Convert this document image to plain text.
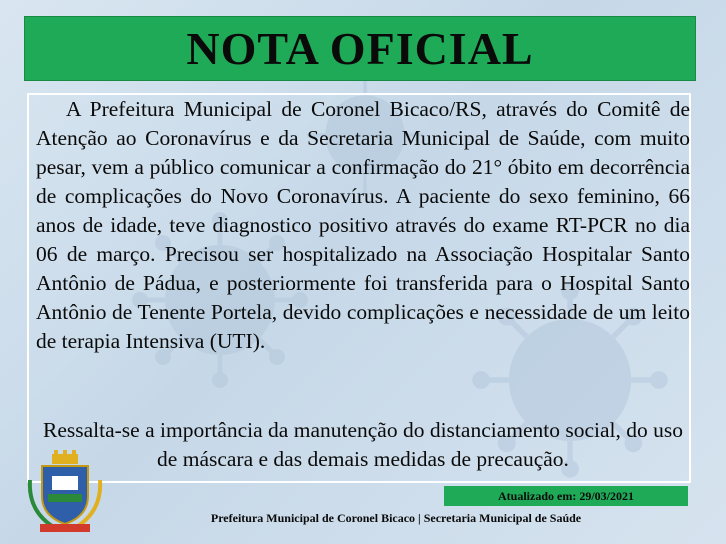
NOTA OFICIAL

A Prefeitura Municipal de Coronel Bicaco/RS, através do Comitê de Atenção ao Coronavírus e da Secretaria Municipal de Saúde, com muito pesar, vem a público comunicar a confirmação do 21° óbito em decorrência de complicações do Novo Coronavírus. A paciente do sexo feminino, 66 anos de idade, teve diagnostico positivo através do exame RT-PCR no dia 06 de março. Precisou ser hospitalizado na Associação Hospitalar Santo Antônio de Pádua, e posteriormente foi transferida para o Hospital Santo Antônio de Tenente Portela, devido complicações e necessidade de um leito de terapia Intensiva (UTI).

Ressalta-se a importância da manutenção do distanciamento social, do uso de máscara e das demais medidas de precaução.

Atualizado em: 29/03/2021
Prefeitura Municipal de Coronel Bicaco | Secretaria Municipal de Saúde
